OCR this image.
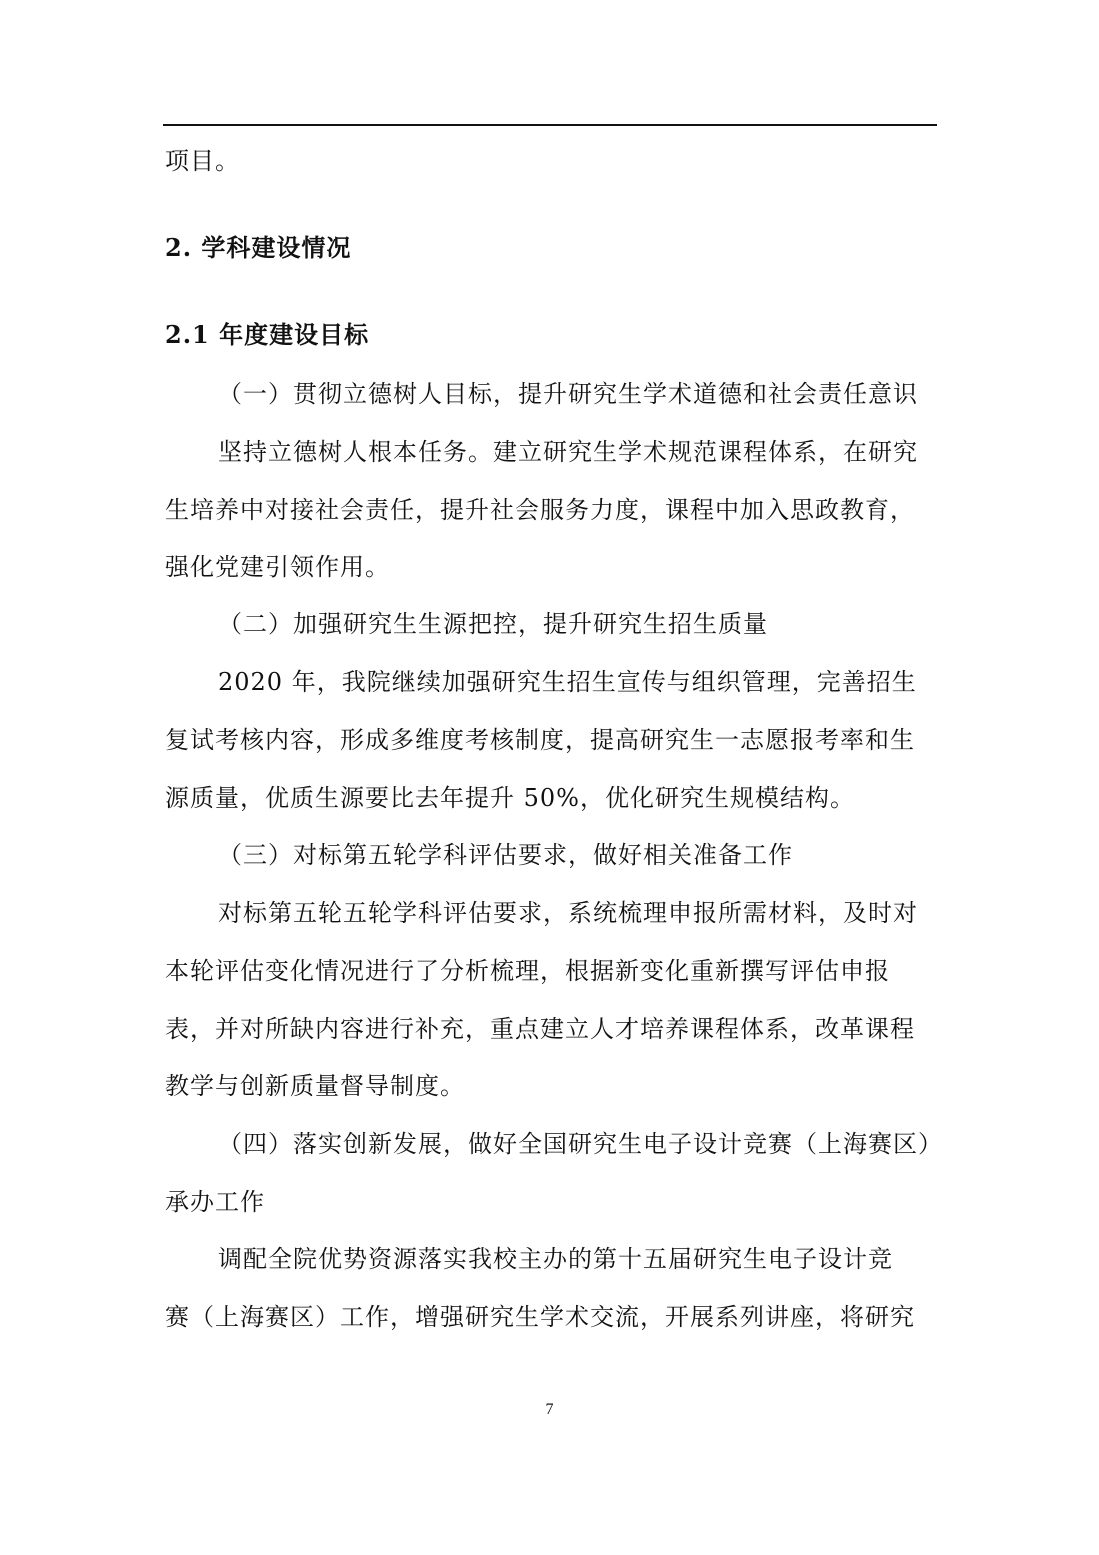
项目。
2. 学科建设情况
2.1 年度建设目标
（一）贯彻立德树人目标，提升研究生学术道德和社会责任意识
坚持立德树人根本任务。建立研究生学术规范课程体系，在研究
生培养中对接社会责任，提升社会服务力度，课程中加入思政教育，
强化党建引领作用。
（二）加强研究生生源把控，提升研究生招生质量
2020 年，我院继续加强研究生招生宣传与组织管理，完善招生
复试考核内容，形成多维度考核制度，提高研究生一志愿报考率和生
源质量，优质生源要比去年提升 50%，优化研究生规模结构。
（三）对标第五轮学科评估要求，做好相关准备工作
对标第五轮五轮学科评估要求，系统梳理申报所需材料，及时对
本轮评估变化情况进行了分析梳理，根据新变化重新撰写评估申报
表，并对所缺内容进行补充，重点建立人才培养课程体系，改革课程
教学与创新质量督导制度。
（四）落实创新发展，做好全国研究生电子设计竞赛（上海赛区）
承办工作
调配全院优势资源落实我校主办的第十五届研究生电子设计竞
赛（上海赛区）工作，增强研究生学术交流，开展系列讲座，将研究
7
